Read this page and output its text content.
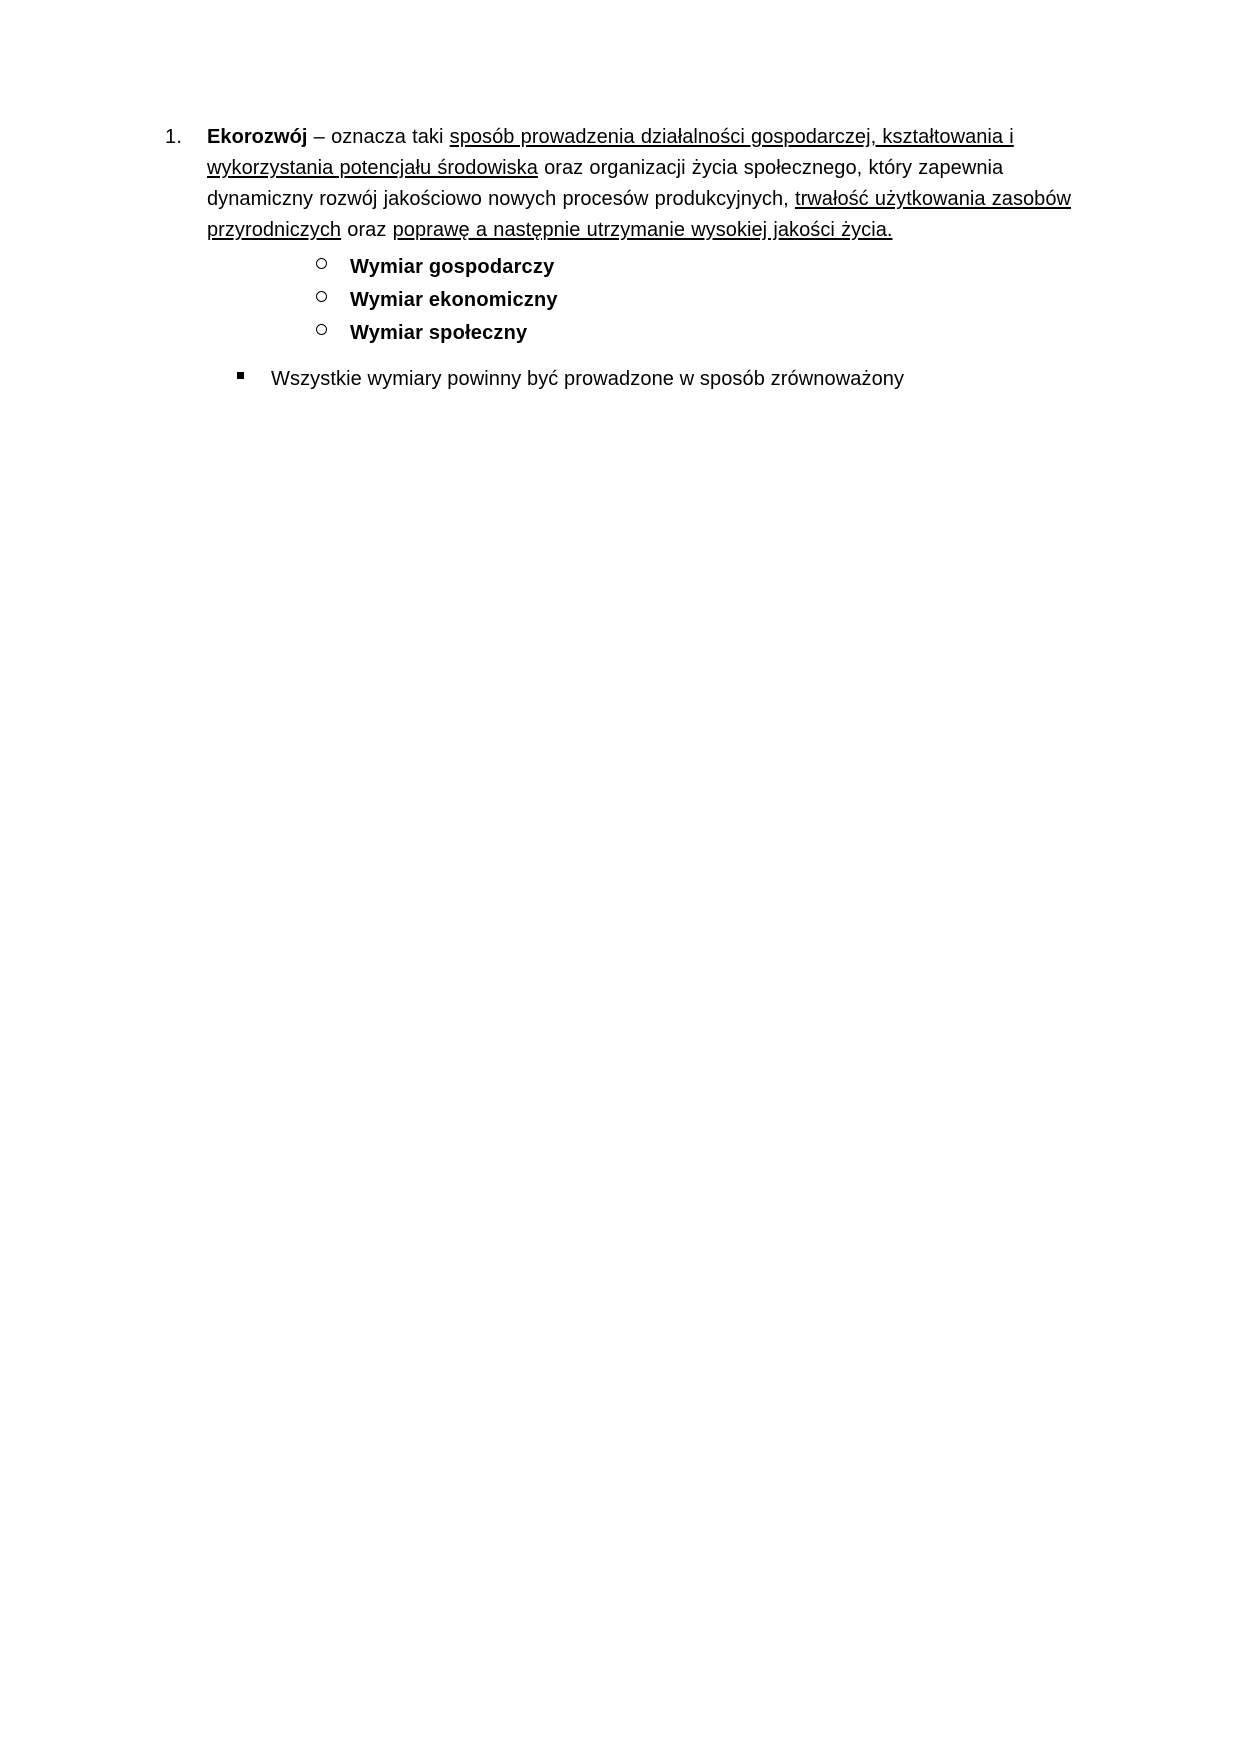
1.	Ekorozwój – oznacza taki sposób prowadzenia działalności gospodarczej, kształtowania i wykorzystania potencjału środowiska oraz organizacji życia społecznego, który zapewnia dynamiczny rozwój jakościowo nowych procesów produkcyjnych, trwałość użytkowania zasobów przyrodniczych oraz poprawę a następnie utrzymanie wysokiej jakości życia.
Wymiar gospodarczy
Wymiar ekonomiczny
Wymiar społeczny
Wszystkie wymiary powinny być prowadzone w sposób zrównoważony
